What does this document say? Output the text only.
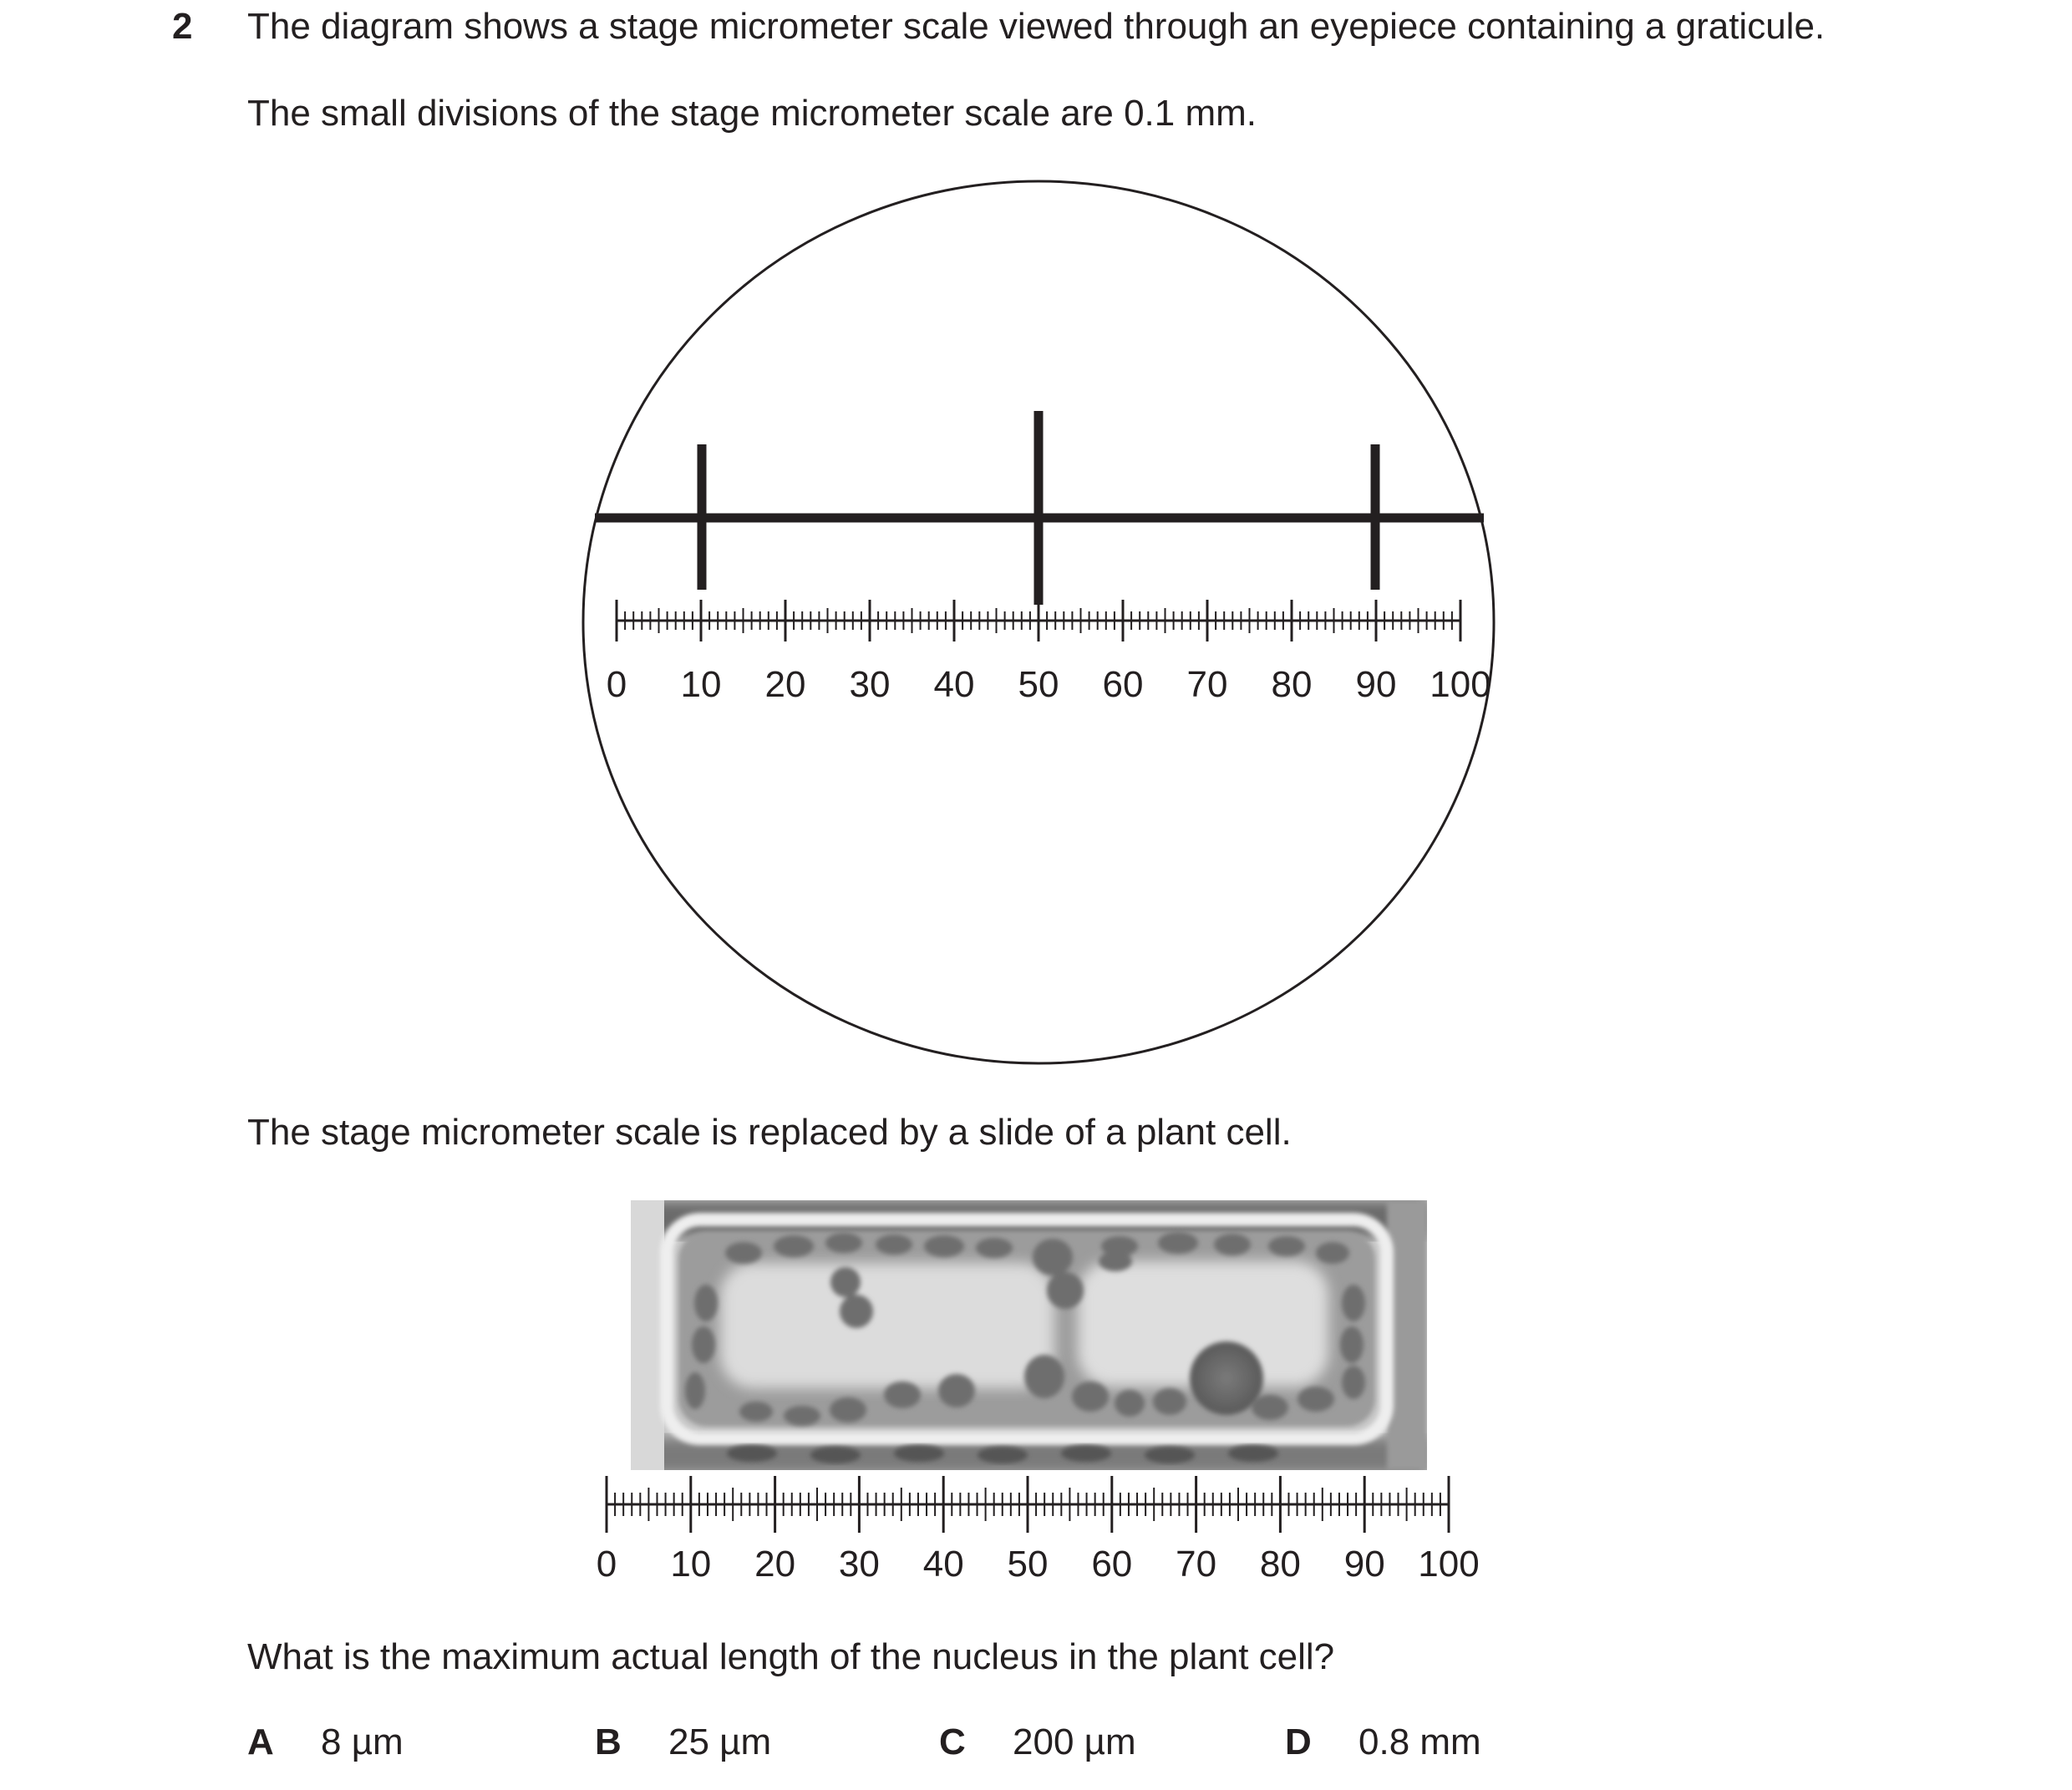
2 The diagram shows a stage micrometer scale viewed through an eyepiece containing a graticule.
The small divisions of the stage micrometer scale are 0.1 mm.
0 10 20 30 40 50 60 70 80 90 100
The stage micrometer scale is replaced by a slide of a plant cell.
0 10 20 30 40 50 60 70 80 90 100
What is the maximum actual length of the nucleus in the plant cell?
A 8 µm	B 25 µm	C 200 µm	D 0.8 mm
